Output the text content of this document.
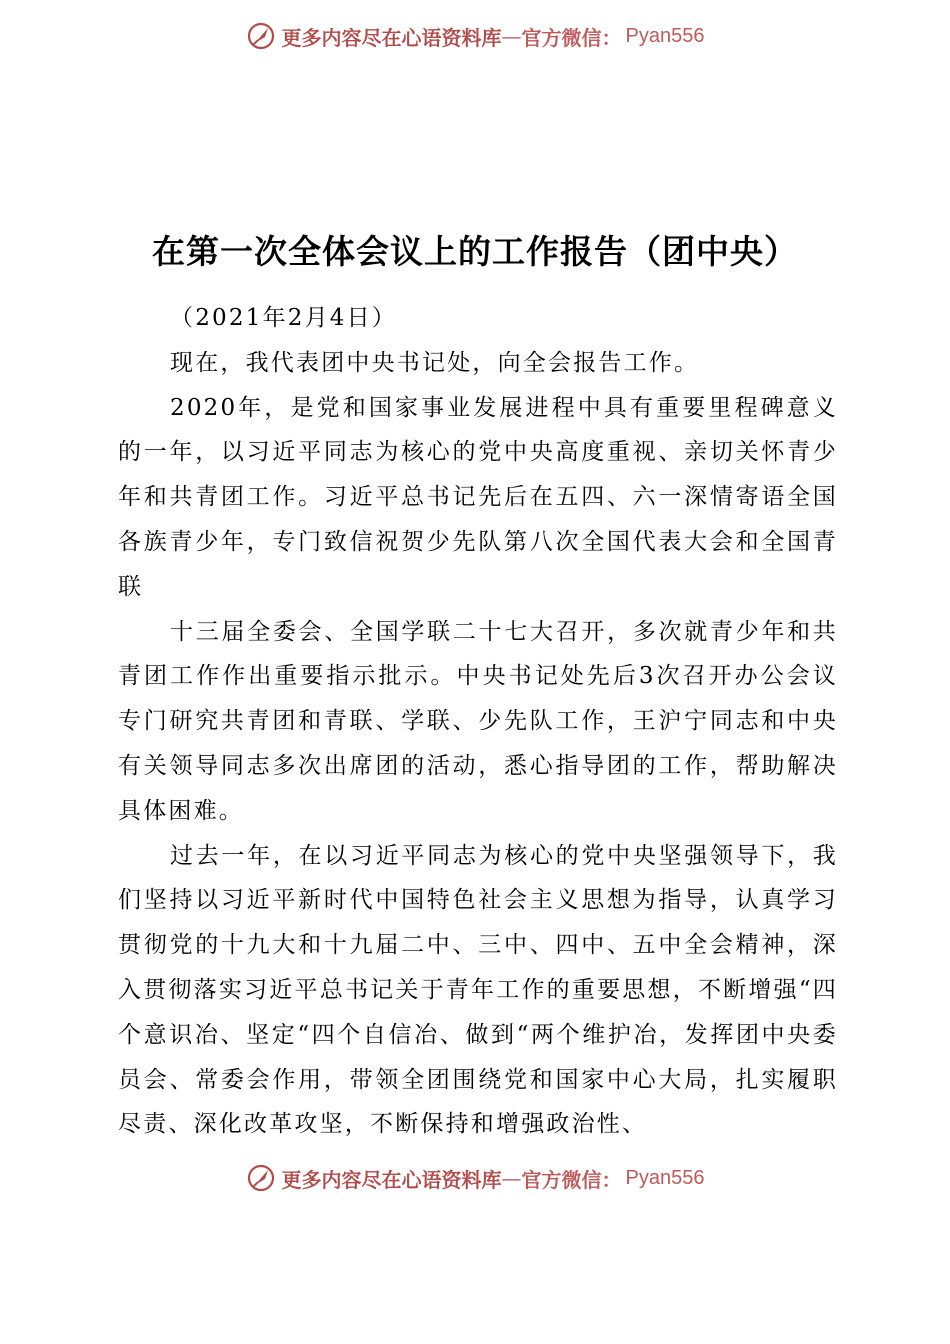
更多内容尽在心语资料库 — 官方微信： Pyan556
在第一次全体会议上的工作报告（团中央）

（2021年2月4日）

现在，我代表团中央书记处，向全会报告工作。

2020年，是党和国家事业发展进程中具有重要里程碑意义的一年，以习近平同志为核心的党中央高度重视、亲切关怀青少年和共青团工作。习近平总书记先后在五四、六一深情寄语全国各族青少年，专门致信祝贺少先队第八次全国代表大会和全国青联

十三届全委会、全国学联二十七大召开，多次就青少年和共青团工作作出重要指示批示。中央书记处先后3次召开办公会议专门研究共青团和青联、学联、少先队工作，王沪宁同志和中央有关领导同志多次出席团的活动，悉心指导团的工作，帮助解决具体困难。

过去一年，在以习近平同志为核心的党中央坚强领导下，我们坚持以习近平新时代中国特色社会主义思想为指导，认真学习贯彻党的十九大和十九届二中、三中、四中、五中全会精神，深入贯彻落实习近平总书记关于青年工作的重要思想，不断增强“四个意识冶、坚定“四个自信冶、做到“两个维护冶，发挥团中央委员会、常委会作用，带领全团围绕党和国家中心大局，扎实履职尽责、深化改革攻坚，不断保持和增强政治性、

更多内容尽在心语资料库 — 官方微信： Pyan556
